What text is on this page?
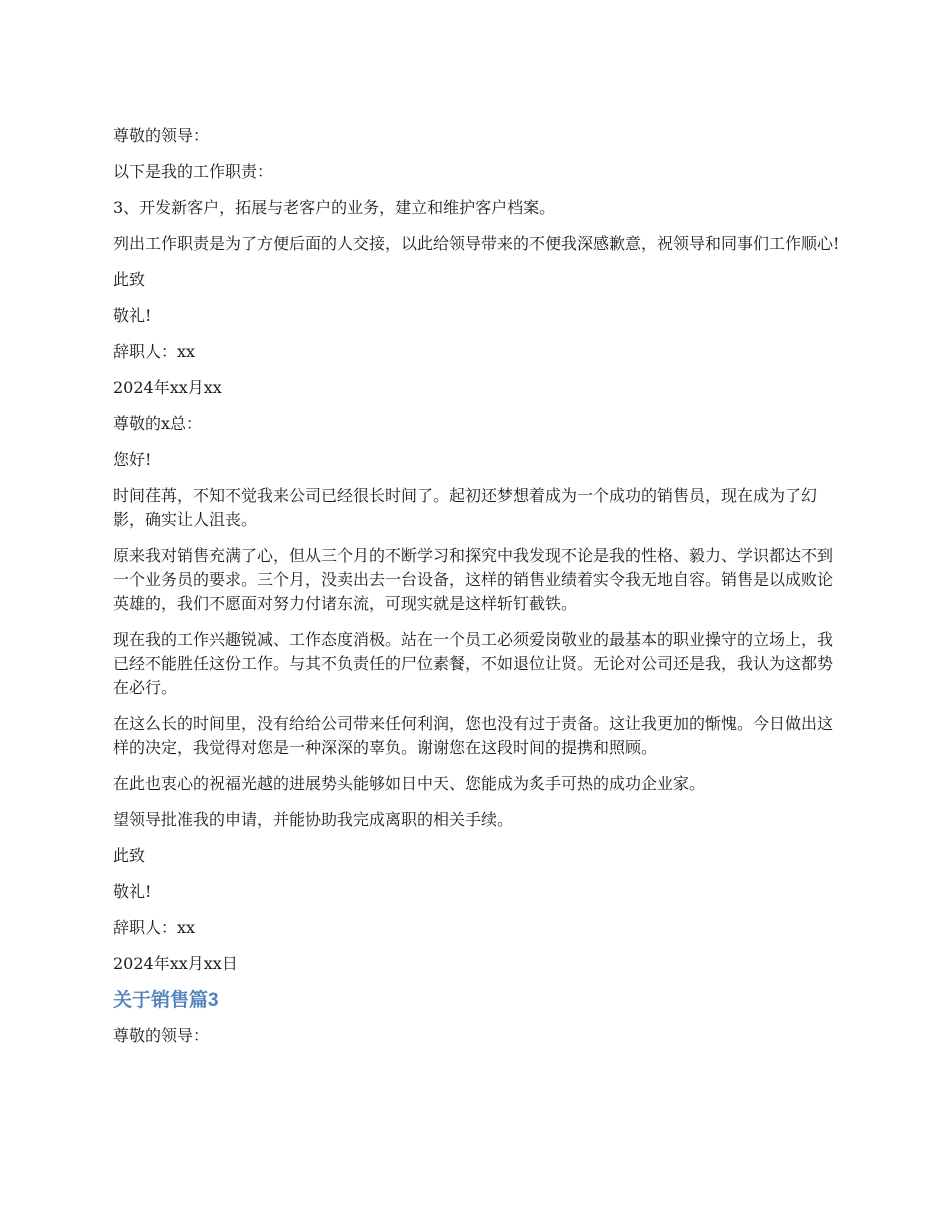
尊敬的领导：

以下是我的工作职责：

3、开发新客户，拓展与老客户的业务，建立和维护客户档案。

列出工作职责是为了方便后面的人交接，以此给领导带来的不便我深感歉意，祝领导和同事们工作顺心!

此致

敬礼!

辞职人：xx

2024年xx月xx

尊敬的x总：

您好!

时间荏苒，不知不觉我来公司已经很长时间了。起初还梦想着成为一个成功的销售员，现在成为了幻影，确实让人沮丧。

原来我对销售充满了心，但从三个月的不断学习和探究中我发现不论是我的性格、毅力、学识都达不到一个业务员的要求。三个月，没卖出去一台设备，这样的销售业绩着实令我无地自容。销售是以成败论英雄的，我们不愿面对努力付诸东流，可现实就是这样斩钉截铁。

现在我的工作兴趣锐减、工作态度消极。站在一个员工必须爱岗敬业的最基本的职业操守的立场上，我已经不能胜任这份工作。与其不负责任的尸位素餐，不如退位让贤。无论对公司还是我，我认为这都势在必行。

在这么长的时间里，没有给给公司带来任何利润，您也没有过于责备。这让我更加的惭愧。今日做出这样的决定，我觉得对您是一种深深的辜负。谢谢您在这段时间的提携和照顾。

在此也衷心的祝福光越的进展势头能够如日中天、您能成为炙手可热的成功企业家。

望领导批准我的申请，并能协助我完成离职的相关手续。

此致

敬礼!

辞职人：xx

2024年xx月xx日

关于销售篇3

尊敬的领导：
